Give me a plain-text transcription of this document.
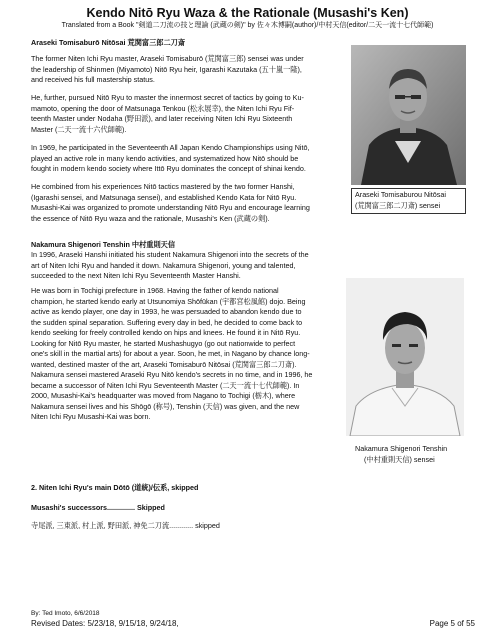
Kendo Nitō Ryu Waza & the Rationale (Musashi's Ken)
Translated from a Book "剣道二刀流の技と理論 (武蔵の剣)" by 佐々木博嗣(author)/中村天信(editor/二天一流十七代師範)
Araseki Tomisaburō Nitōsai 荒関富三郎二刀斎
The former Niten Ichi Ryu master, Araseki Tomisaburō (荒関富三郎) sensei was under
the leadership of Shinmen (Miyamoto) Nitō Ryu heir, Igarashi Kazutaka (五十嵐一隆),
and received his full mastership status.
He, further, pursued Nitō Ryu to master the innermost secret of tactics by going to Ku-
mamoto, opening the door of Matsunaga Tenkou (松永展幸), the Niten Ichi Ryu Fif-
teenth Master under Nodaha (野田派), and later receiving Niten Ichi Ryu Sixteenth
Master (二天一流十六代師範).
In 1969, he participated in the Seventeenth All Japan Kendo Championships using Nitō,
played an active role in many kendo activities, and systematized how Nitō should be
fought in modern kendo society where Ittō Ryu dominates the concept of shinai kendo.
He combined from his experiences Nitō tactics mastered by the two former Hanshi,
(Igarashi sensei, and Matsunaga sensei), and established Kendo Kata for Nitō Ryu.
Musashi-Kai was organized to promote understanding Nitō Ryu and encourage learning
the essence of Nitō Ryu waza and the rationale, Musashi's Ken (武蔵の剣).
Araseki Tomisaburou Nitōsai
(荒関富三郎二刀斎) sensei
Nakamura Shigenori Tenshin 中村重則天信
In 1996, Araseki Hanshi initiated his student Nakamura Shigenori into the secrets of the
art of Niten Ichi Ryu and handed it down. Nakamura Shigenori, young and talented,
succeeded to the next Niten Ichi Ryu Seventeenth Master Hanshi.
He was born in Tochigi prefecture in 1968. Having the father of kendo national
champion, he started kendo early at Utsunomiya Shōfūkan (宇都宮松風館) dojo. Being
active as kendo player, one day in 1993, he was persuaded to abandon kendo due to
the sudden spinal separation. Suffering every day in bed, he decided to come back to
kendo seeking for freely controlled kendo on hips and knees. He found it in Nitō Ryu.
Looking for Nitō Ryu master, he started Mushashugyo (go out nationwide to perfect
one's skill in the martial arts) for about a year. Soon, he met, in Nagano by chance long-
wanted, destined master of the art, Araseki Tomisaburō Nitōsai (荒関富三郎二刀斎).
Nakamura sensei mastered Araseki Ryu Nitō kendo's secrets in no time, and in 1996, he
became a successor of Niten Ichi Ryu Seventeenth Master (二天一流十七代師範). In
2000, Musashi-Kai's headquarter was moved from Nagano to Tochigi (栃木), where
Nakamura sensei lives and his Shōgō (称号), Tenshin (天信) was given, and the new
Niten Ichi Ryu Musashi-Kai was born.
Nakamura Shigenori Tenshin
(中村重則天信) sensei
2. Niten Ichi Ryu's main Dōtō (道統)/伝系, skipped
Musashi's successors.............. Skipped
寺尾派, 三東派, 村上派, 野田派, 神免二刀流............ skipped
By: Ted Imoto, 6/6/2018
Revised Dates: 5/23/18, 9/15/18, 9/24/18,	Page 5 of 55
